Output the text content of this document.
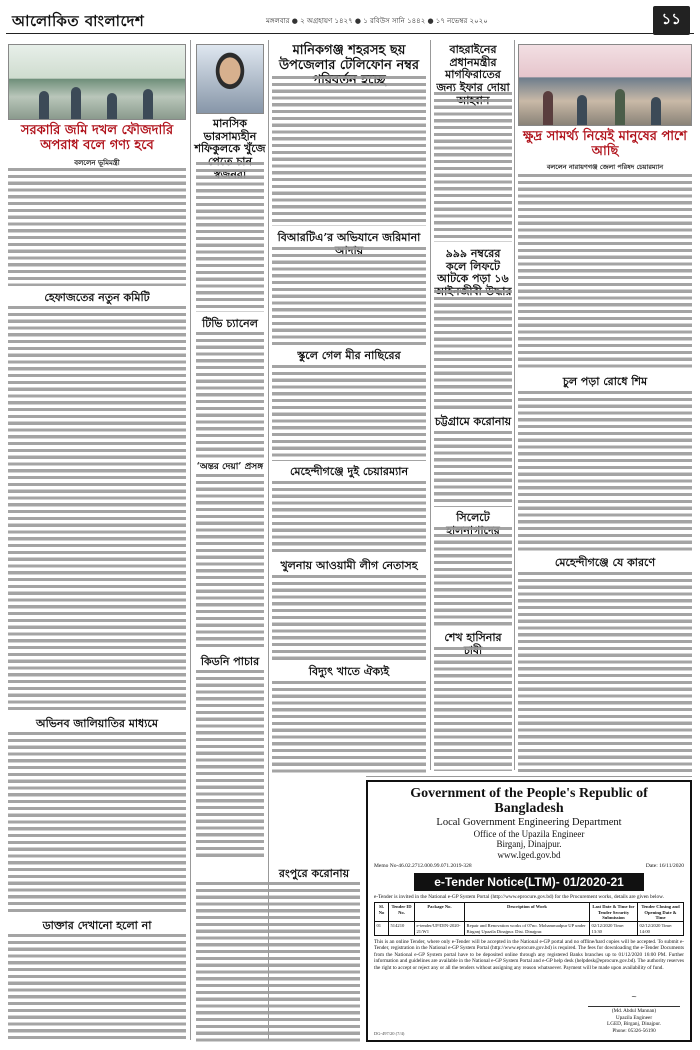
আলোকিত বাংলাদেশ	মঙ্গলবার ● ২ অগ্রহায়ণ ১৪২৭ ● ১ রবিউস সানি ১৪৪২ ● ১৭ নভেম্বর ২০২০	১১
সরকারি জমি দখল ফৌজদারি অপরাধ বলে গণ্য হবে
বললেন ভূমিমন্ত্রী
হেফাজতের নতুন কমিটি
অভিনব জালিয়াতির মাধ্যমে
ডাক্তার দেখানো হলো না
মানসিক ভারসাম্যহীন শফিকুলকে খুঁজে পেতে চান স্বজনরা
টিভি চ্যানেল
‘অন্তর দেয়া’ প্রসঙ্গ
কিডনি পাচার
রংপুরে করোনায়
মানিকগঞ্জ শহরসহ ছয় উপজেলার টেলিফোন নম্বর পরিবর্তন হচ্ছে
বিআরটিএ’র অভিযানে জরিমানা আদায়
স্কুলে গেল মীর নাছিরের
মেহেন্দীগঞ্জে দুই চেয়ারম্যান
খুলনায় আওয়ামী লীগ নেতাসহ
বিদ্যুৎ খাতে ঐক্যই
বাহরাইনের প্রধানমন্ত্রীর মাগফিরাতের জন্য ইফার দোয়া আহ্বান
৯৯৯ নম্বরের কলে লিফটে আটকে পড়া ১৬ আইনজীবী উদ্ধার
চট্টগ্রামে করোনায়
সিলেটে হালনাগাদের
শেখ হাসিনার চাষী
ক্ষুদ্র সামর্থ্য নিয়েই মানুষের পাশে আছি
বললেন নারায়ণগঞ্জ জেলা পরিষদ চেয়ারম্যান
চুল পড়া রোধে শিম
মেহেন্দীগঞ্জে যে কারণে
Government of the People's Republic of Bangladesh
Local Government Engineering Department
Office of the Upazila Engineer
Birganj, Dinajpur.
www.lged.gov.bd
Memo No-46.02.2712.000.99.071.2019-328	Date: 16/11/2020
e-Tender Notice(LTM)- 01/2020-21
e-Tender is invited in the National e-GP System Portal (http://www.eprocure.gov.bd) for the Procurement works, details are given below.
Sl. No	Tender ID No.	Package No.	Description of Work	Last Date & Time for Tender Security Submission	Tender Closing and Opening Date & Time
01	514210	e-tender/UP/DIN-2020-21/W1	Repair and Renovation works of 07no. Mohammadpur UP under Birganj Upazila Dinajpur. Dist. Dinajpur.	02/12/2020 Time: 13:30	02/12/2020 Time: 14:00
This is an online Tender, where only e-Tender will be accepted in the National e-GP portal and no offline/hard copies will be accepted. To submit e-Tender, registration in the National e-GP System Portal (http://www.eprocure.gov.bd) is required. The fees for downloading the e-Tender Documents from the National e-GP System portal have to be deposited online through any registered Banks branches up to 01/12/2020 16:00 PM. Further information and guidelines are available in the National e-GP System Portal and e-GP help desk (helpdesk@eprocure.gov.bd). The authority reserves the right to accept or reject any or all the tenders without assigning any reason whatsoever. Payment will be made upon availability of fund.
~
(Md. Abdul Mannan)
Upazila Engineer
LGED, Birganj, Dinajpur.
Phone: 05326-56190
DG-497/20 (7/4)
